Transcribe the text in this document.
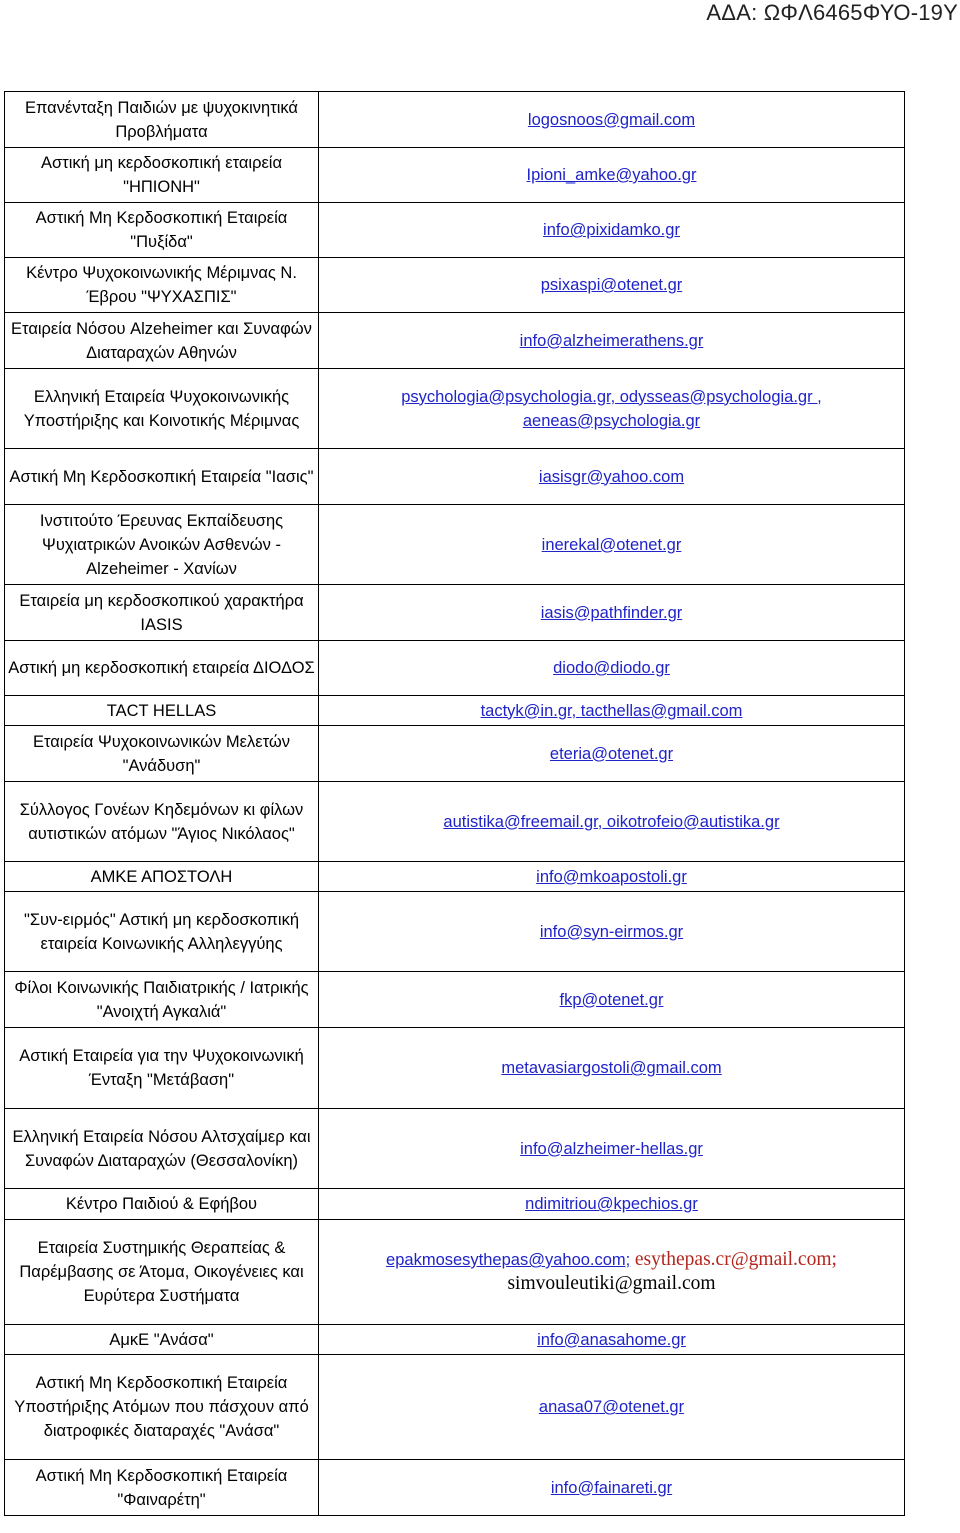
ΑΔΑ: ΩΦΛ6465ΦΥΟ-19Υ
Επανένταξη Παιδιών με ψυχοκινητικά Προβλήματα	logosnoos@gmail.com
Αστική μη κερδοσκοπική εταιρεία "ΗΠΙΟΝΗ"	Ipioni_amke@yahoo.gr
Αστική Μη Κερδοσκοπική Εταιρεία "Πυξίδα"	info@pixidamko.gr
Κέντρο Ψυχοκοινωνικής Μέριμνας Ν. Έβρου "ΨΥΧΑΣΠΙΣ"	psixaspi@otenet.gr
Εταιρεία Νόσου Alzeheimer και Συναφών Διαταραχών Αθηνών	info@alzheimerathens.gr
Ελληνική Εταιρεία Ψυχοκοινωνικής Υποστήριξης και Κοινοτικής Μέριμνας	psychologia@psychologia.gr, odysseas@psychologia.gr , aeneas@psychologia.gr
Αστική Μη Κερδοσκοπική Εταιρεία "Ιασις"	iasisgr@yahoo.com
Ινστιτούτο Έρευνας Εκπαίδευσης Ψυχιατρικών Ανοικών Ασθενών - Alzeheimer - Χανίων	inerekal@otenet.gr
Εταιρεία μη κερδοσκοπικού χαρακτήρα IASIS	iasis@pathfinder.gr
Αστική μη κερδοσκοπική εταιρεία ΔΙΟΔΟΣ	diodo@diodo.gr
TACT HELLAS	tactyk@in.gr, tacthellas@gmail.com
Εταιρεία Ψυχοκοινωνικών Μελετών "Ανάδυση"	eteria@otenet.gr
Σύλλογος Γονέων Κηδεμόνων κι φίλων αυτιστικών ατόμων "Άγιος Νικόλαος"	autistika@freemail.gr, oikotrofeio@autistika.gr
ΑΜΚΕ ΑΠΟΣΤΟΛΗ	info@mkoapostoli.gr
"Συν-ειρμός" Αστική μη κερδοσκοπική εταιρεία Κοινωνικής Αλληλεγγύης	info@syn-eirmos.gr
Φίλοι Κοινωνικής Παιδιατρικής / Ιατρικής "Ανοιχτή Αγκαλιά"	fkp@otenet.gr
Αστική Εταιρεία για την Ψυχοκοινωνική Ένταξη "Μετάβαση"	metavasiargostoli@gmail.com
Ελληνική Εταιρεία Νόσου Αλτσχαίμερ και Συναφών Διαταραχών (Θεσσαλονίκη)	info@alzheimer-hellas.gr
Κέντρο Παιδιού & Εφήβου	ndimitriou@kpechios.gr
Εταιρεία Συστημικής Θεραπείας & Παρέμβασης σε Άτομα, Οικογένειες και Ευρύτερα Συστήματα	epakmosesythepas@yahoo.com; esythepas.cr@gmail.com;
simvouleutiki@gmail.com
ΑμκΕ "Ανάσα"	info@anasahome.gr
Αστική Μη Κερδοσκοπική Εταιρεία Υποστήριξης Ατόμων που πάσχουν από διατροφικές διαταραχές "Ανάσα"	anasa07@otenet.gr
Αστική Μη Κερδοσκοπική Εταιρεία "Φαιναρέτη"	info@fainareti.gr
